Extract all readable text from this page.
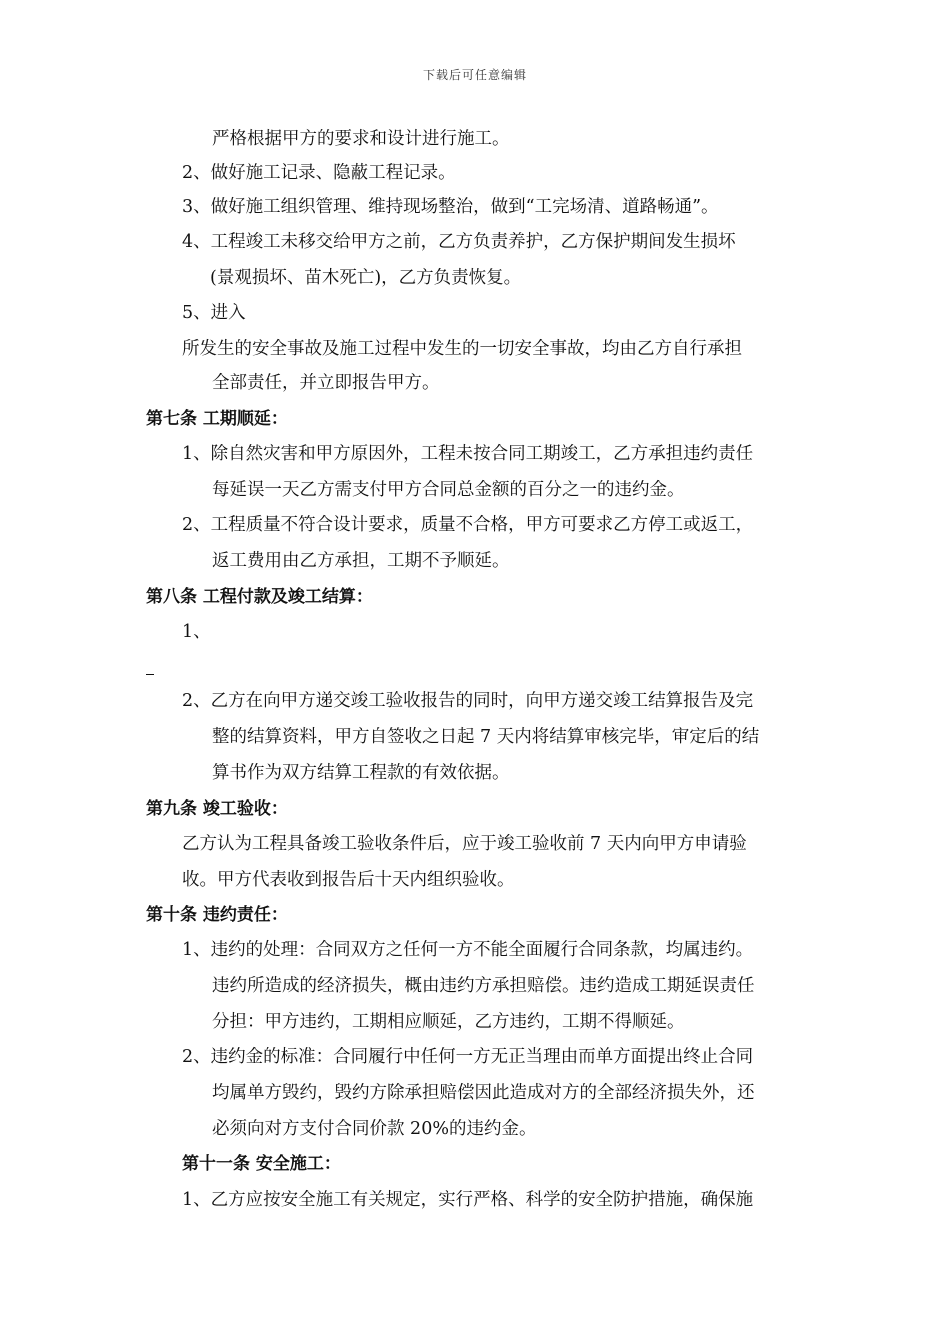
下载后可任意编辑
严格根据甲方的要求和设计进行施工。
2、做好施工记录、隐蔽工程记录。
3、做好施工组织管理、维持现场整治，做到“工完场清、道路畅通”。
4、工程竣工未移交给甲方之前，乙方负责养护，乙方保护期间发生损坏
(景观损坏、苗木死亡)，乙方负责恢复。
5、进入
所发生的安全事故及施工过程中发生的一切安全事故，均由乙方自行承担
全部责任，并立即报告甲方。
第七条 工期顺延：
1、除自然灾害和甲方原因外，工程未按合同工期竣工，乙方承担违约责任
每延误一天乙方需支付甲方合同总金额的百分之一的违约金。
2、工程质量不符合设计要求，质量不合格，甲方可要求乙方停工或返工，
返工费用由乙方承担，工期不予顺延。
第八条 工程付款及竣工结算：
1、
2、乙方在向甲方递交竣工验收报告的同时，向甲方递交竣工结算报告及完
整的结算资料，甲方自签收之日起 7 天内将结算审核完毕，审定后的结
算书作为双方结算工程款的有效依据。
第九条 竣工验收：
乙方认为工程具备竣工验收条件后，应于竣工验收前 7 天内向甲方申请验
收。甲方代表收到报告后十天内组织验收。
第十条 违约责任：
1、违约的处理：合同双方之任何一方不能全面履行合同条款，均属违约。
违约所造成的经济损失，概由违约方承担赔偿。违约造成工期延误责任
分担：甲方违约，工期相应顺延，乙方违约，工期不得顺延。
2、违约金的标准：合同履行中任何一方无正当理由而单方面提出终止合同
均属单方毁约，毁约方除承担赔偿因此造成对方的全部经济损失外，还
必须向对方支付合同价款 20%的违约金。
第十一条 安全施工：
1、乙方应按安全施工有关规定，实行严格、科学的安全防护措施，确保施
